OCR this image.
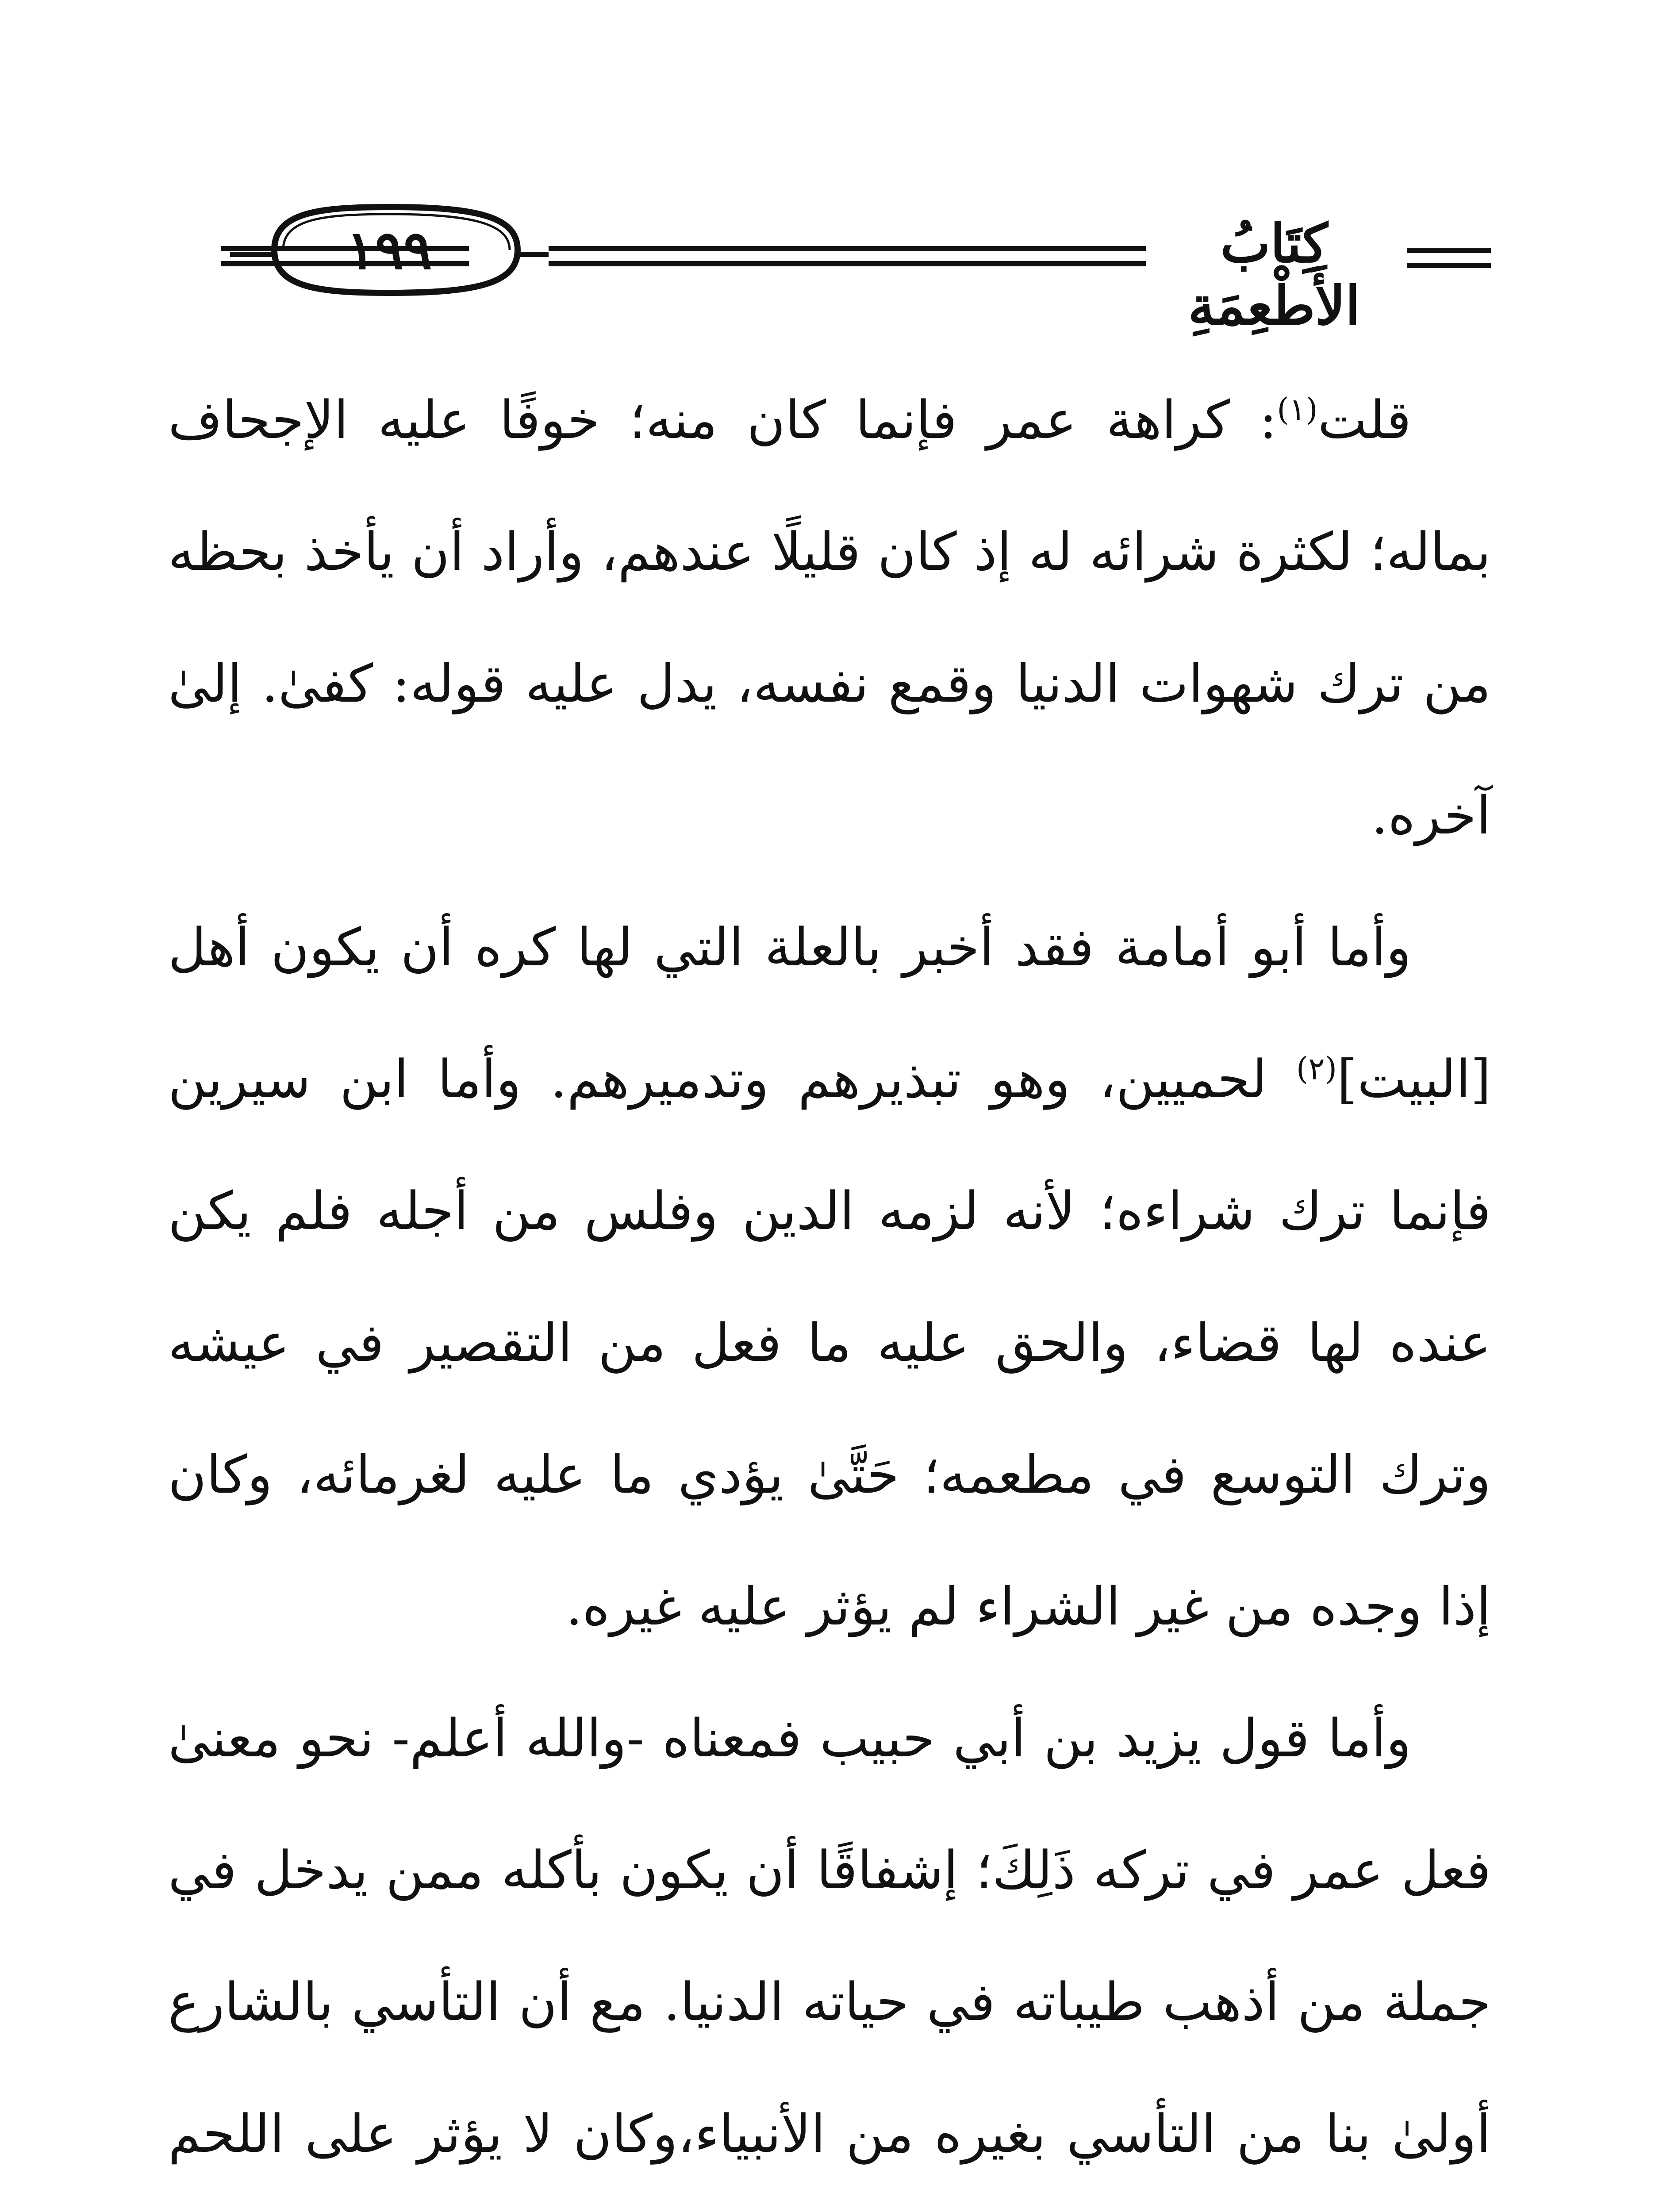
١٩٩	كِتَابُ الأَطْعِمَةِ

قلت$^{(١)}$: كراهة عمر فإنما كان منه؛ خوفًا عليه الإجحاف بماله؛ لكثرة شرائه له إذ كان قليلًا عندهم، وأراد أن يأخذ بحظه من ترك شهوات الدنيا وقمع نفسه، يدل عليه قوله: كفىٰ. إلىٰ آخره.

وأما أبو أمامة فقد أخبر بالعلة التي لها كره أن يكون أهل [البيت]$^{(٢)}$ لحميين، وهو تبذيرهم وتدميرهم. وأما ابن سيرين فإنما ترك شراءه؛ لأنه لزمه الدين وفلس من أجله فلم يكن عنده لها قضاء، والحق عليه ما فعل من التقصير في عيشه وترك التوسع في مطعمه؛ حَتَّىٰ يؤدي ما عليه لغرمائه، وكان إذا وجده من غير الشراء لم يؤثر عليه غيره.

وأما قول يزيد بن أبي حبيب فمعناه -والله أعلم- نحو معنىٰ فعل عمر في تركه ذَلِكَ؛ إشفاقًا أن يكون بأكله ممن يدخل في جملة من أذهب طيباته في حياته الدنيا. مع أن التأسي بالشارع أولىٰ بنا من التأسي بغيره من الأنبياء،وكان لا يؤثر على اللحم
